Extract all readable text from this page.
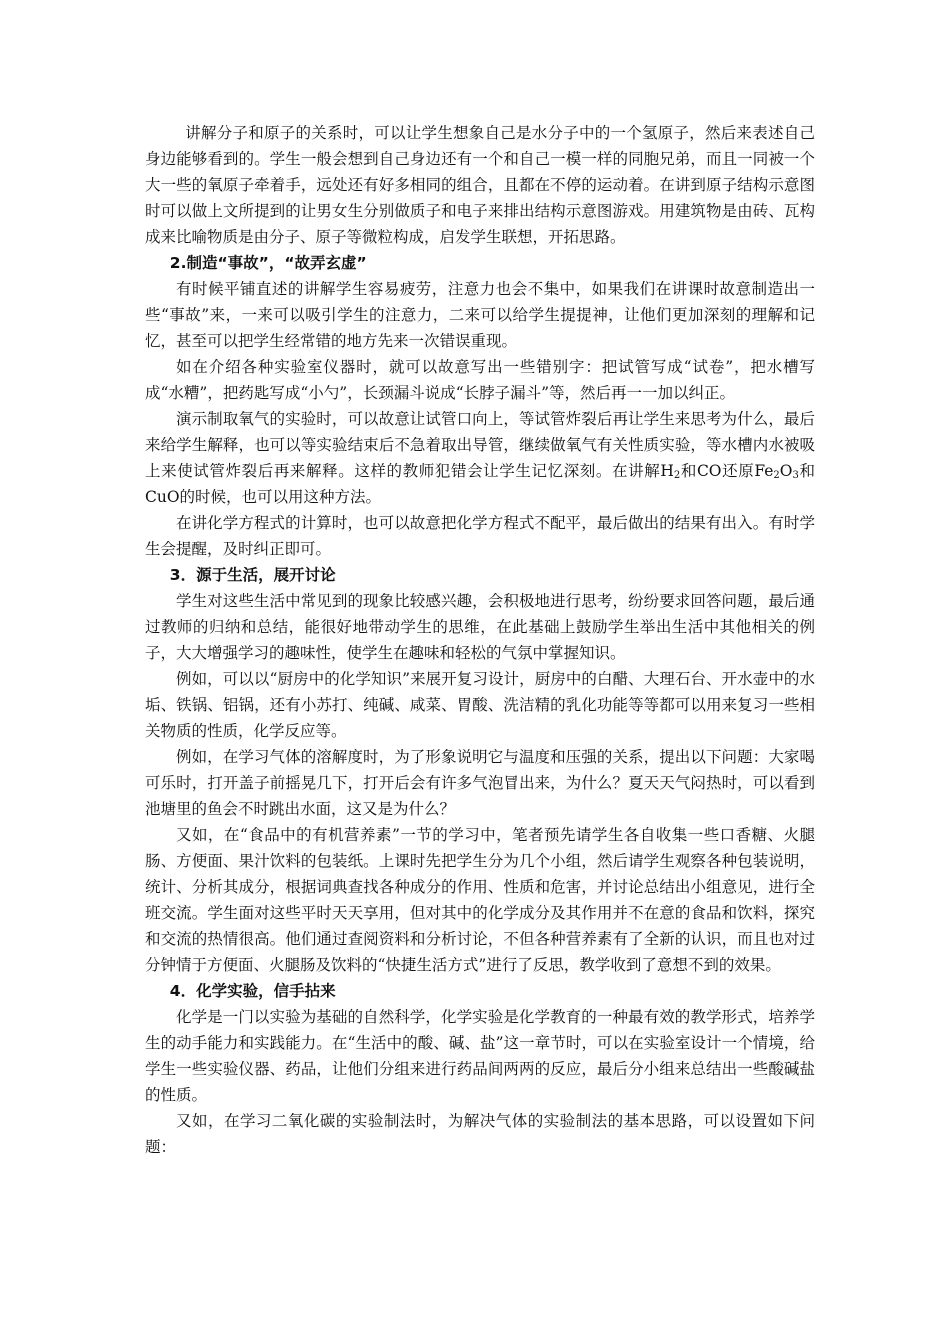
讲解分子和原子的关系时，可以让学生想象自己是水分子中的一个氢原子，然后来表述自己身边能够看到的。学生一般会想到自己身边还有一个和自己一模一样的同胞兄弟，而且一同被一个大一些的氧原子牵着手，远处还有好多相同的组合，且都在不停的运动着。在讲到原子结构示意图时可以做上文所提到的让男女生分别做质子和电子来排出结构示意图游戏。用建筑物是由砖、瓦构成来比喻物质是由分子、原子等微粒构成，启发学生联想，开拓思路。

2.制造“事故”，“故弄玄虚”

有时候平铺直述的讲解学生容易疲劳，注意力也会不集中，如果我们在讲课时故意制造出一些“事故”来，一来可以吸引学生的注意力，二来可以给学生提提神，让他们更加深刻的理解和记忆，甚至可以把学生经常错的地方先来一次错误重现。

如在介绍各种实验室仪器时，就可以故意写出一些错别字：把试管写成“试卷”，把水槽写成“水糟”，把药匙写成“小勺”，长颈漏斗说成“长脖子漏斗”等，然后再一一加以纠正。

演示制取氧气的实验时，可以故意让试管口向上，等试管炸裂后再让学生来思考为什么，最后来给学生解释，也可以等实验结束后不急着取出导管，继续做氧气有关性质实验，等水槽内水被吸上来使试管炸裂后再来解释。这样的教师犯错会让学生记忆深刻。在讲解$H_2$和CO还原$Fe_2O_3$和CuO的时候，也可以用这种方法。

在讲化学方程式的计算时，也可以故意把化学方程式不配平，最后做出的结果有出入。有时学生会提醒，及时纠正即可。

3．源于生活，展开讨论

学生对这些生活中常见到的现象比较感兴趣，会积极地进行思考，纷纷要求回答问题，最后通过教师的归纳和总结，能很好地带动学生的思维，在此基础上鼓励学生举出生活中其他相关的例子，大大增强学习的趣味性，使学生在趣味和轻松的气氛中掌握知识。

例如，可以以“厨房中的化学知识”来展开复习设计，厨房中的白醋、大理石台、开水壶中的水垢、铁锅、铝锅，还有小苏打、纯碱、咸菜、胃酸、洗洁精的乳化功能等等都可以用来复习一些相关物质的性质，化学反应等。

例如，在学习气体的溶解度时，为了形象说明它与温度和压强的关系，提出以下问题：大家喝可乐时，打开盖子前摇晃几下，打开后会有许多气泡冒出来，为什么？夏天天气闷热时，可以看到池塘里的鱼会不时跳出水面，这又是为什么？

又如，在“食品中的有机营养素”一节的学习中，笔者预先请学生各自收集一些口香糖、火腿肠、方便面、果汁饮料的包装纸。上课时先把学生分为几个小组，然后请学生观察各种包装说明，统计、分析其成分，根据词典查找各种成分的作用、性质和危害，并讨论总结出小组意见，进行全班交流。学生面对这些平时天天享用，但对其中的化学成分及其作用并不在意的食品和饮料，探究和交流的热情很高。他们通过查阅资料和分析讨论，不但各种营养素有了全新的认识，而且也对过分钟情于方便面、火腿肠及饮料的“快捷生活方式”进行了反思，教学收到了意想不到的效果。

4．化学实验，信手拈来

化学是一门以实验为基础的自然科学，化学实验是化学教育的一种最有效的教学形式，培养学生的动手能力和实践能力。在“生活中的酸、碱、盐”这一章节时，可以在实验室设计一个情境，给学生一些实验仪器、药品，让他们分组来进行药品间两两的反应，最后分小组来总结出一些酸碱盐的性质。

又如，在学习二氧化碳的实验制法时，为解决气体的实验制法的基本思路，可以设置如下问题：
